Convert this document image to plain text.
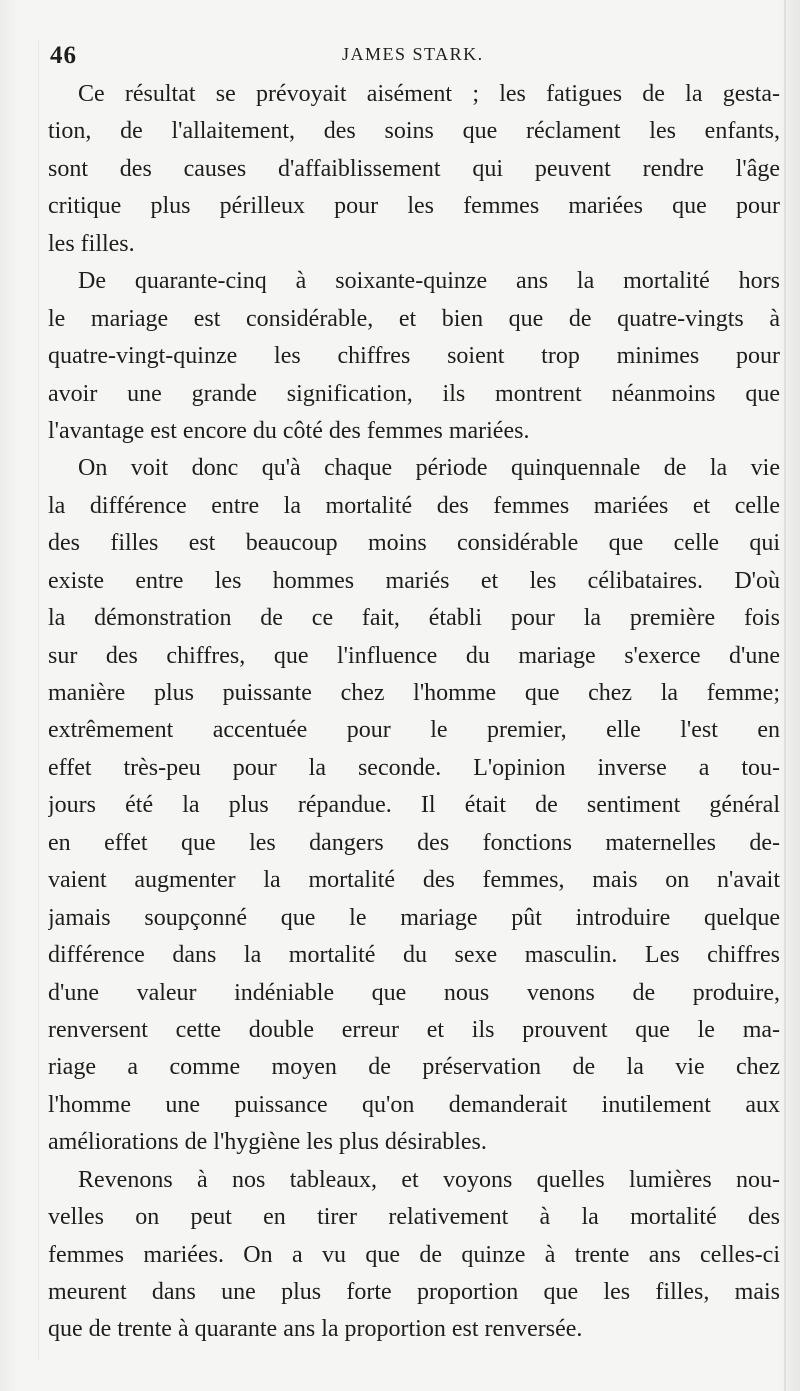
46	JAMES STARK.
Ce résultat se prévoyait aisément ; les fatigues de la gesta-
tion, de l'allaitement, des soins que réclament les enfants,
sont des causes d'affaiblissement qui peuvent rendre l'âge
critique plus périlleux pour les femmes mariées que pour
les filles.
De quarante-cinq à soixante-quinze ans la mortalité hors
le mariage est considérable, et bien que de quatre-vingts à
quatre-vingt-quinze les chiffres soient trop minimes pour
avoir une grande signification, ils montrent néanmoins que
l'avantage est encore du côté des femmes mariées.
On voit donc qu'à chaque période quinquennale de la vie
la différence entre la mortalité des femmes mariées et celle
des filles est beaucoup moins considérable que celle qui
existe entre les hommes mariés et les célibataires. D'où
la démonstration de ce fait, établi pour la première fois
sur des chiffres, que l'influence du mariage s'exerce d'une
manière plus puissante chez l'homme que chez la femme;
extrêmement accentuée pour le premier, elle l'est en
effet très-peu pour la seconde. L'opinion inverse a tou-
jours été la plus répandue. Il était de sentiment général
en effet que les dangers des fonctions maternelles de-
vaient augmenter la mortalité des femmes, mais on n'avait
jamais soupçonné que le mariage pût introduire quelque
différence dans la mortalité du sexe masculin. Les chiffres
d'une valeur indéniable que nous venons de produire,
renversent cette double erreur et ils prouvent que le ma-
riage a comme moyen de préservation de la vie chez
l'homme une puissance qu'on demanderait inutilement aux
améliorations de l'hygiène les plus désirables.
Revenons à nos tableaux, et voyons quelles lumières nou-
velles on peut en tirer relativement à la mortalité des
femmes mariées. On a vu que de quinze à trente ans celles-ci
meurent dans une plus forte proportion que les filles, mais
que de trente à quarante ans la proportion est renversée.
